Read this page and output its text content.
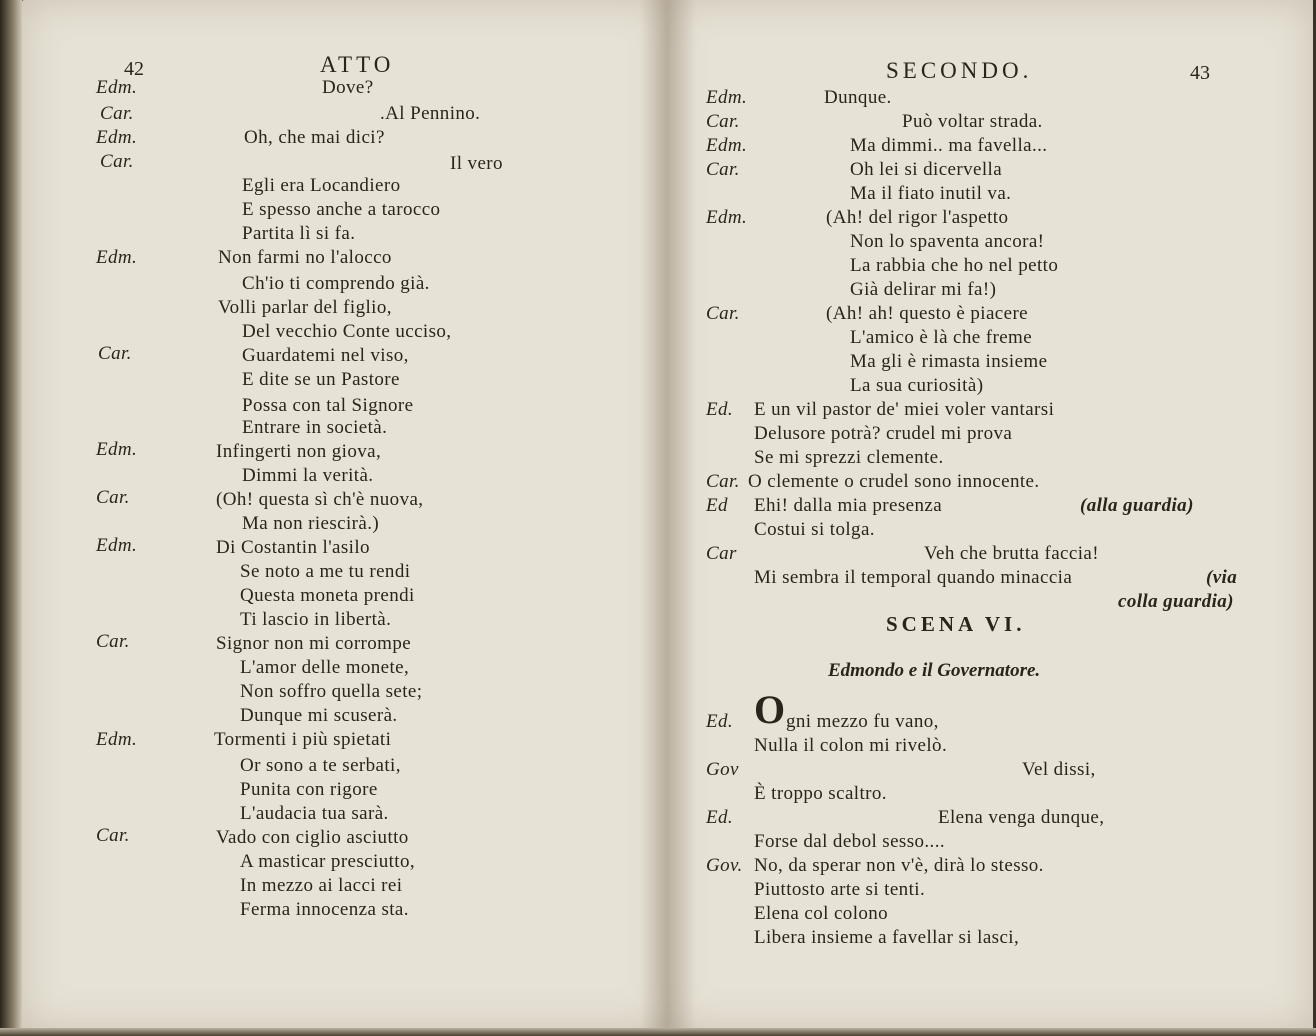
42	ATTO
Edm.	Dove?
Car.	.Al Pennino.
Edm.	Oh, che mai dici?
Car.	Il vero
Egli era Locandiero
E spesso anche a tarocco
Partita lì si fa.
Edm.	Non farmi no l'alocco
Ch'io ti comprendo già.
Volli parlar del figlio,
Del vecchio Conte ucciso,
Car.	Guardatemi nel viso,
E dite se un Pastore
Possa con tal Signore
Entrare in società.
Edm.	Infingerti non giova,
Dimmi la verità.
Car.	(Oh! questa sì ch'è nuova,
Ma non riescirà.)
Edm.	Di Costantin l'asilo
Se noto a me tu rendi
Questa moneta prendi
Ti lascio in libertà.
Car.	Signor non mi corrompe
L'amor delle monete,
Non soffro quella sete;
Dunque mi scuserà.
Edm.	Tormenti i più spietati
Or sono a te serbati,
Punita con rigore
L'audacia tua sarà.
Car.	Vado con ciglio asciutto
A masticar presciutto,
In mezzo ai lacci rei
Ferma innocenza sta.
SECONDO.	43
Edm.	Dunque.
Car.	Può voltar strada.
Edm.	Ma dimmi.. ma favella...
Car.	Oh lei si dicervella
Ma il fiato inutil va.
Edm.	(Ah! del rigor l'aspetto
Non lo spaventa ancora!
La rabbia che ho nel petto
Già delirar mi fa!)
Car.	(Ah! ah! questo è piacere
L'amico è là che freme
Ma gli è rimasta insieme
La sua curiosità)
Ed. E un vil pastor de' miei voler vantarsi
Delusore potrà? crudel mi prova
Se mi sprezzi clemente.
Car. O clemente o crudel sono innocente.
Ed Ehi! dalla mia presenza	(alla guardia)
Costui si tolga.
Car	Veh che brutta faccia!
Mi sembra il temporal quando minaccia	(via
colla guardia)
SCENA VI.
Edmondo e il Governatore.
Ed. O gni mezzo fu vano,
Nulla il colon mi rivelò.
Gov	Vel dissi,
È troppo scaltro.
Ed.	Elena venga dunque,
Forse dal debol sesso....
Gov. No, da sperar non v'è, dirà lo stesso.
Piuttosto arte si tenti.
Elena col colono
Libera insieme a favellar si lasci,
